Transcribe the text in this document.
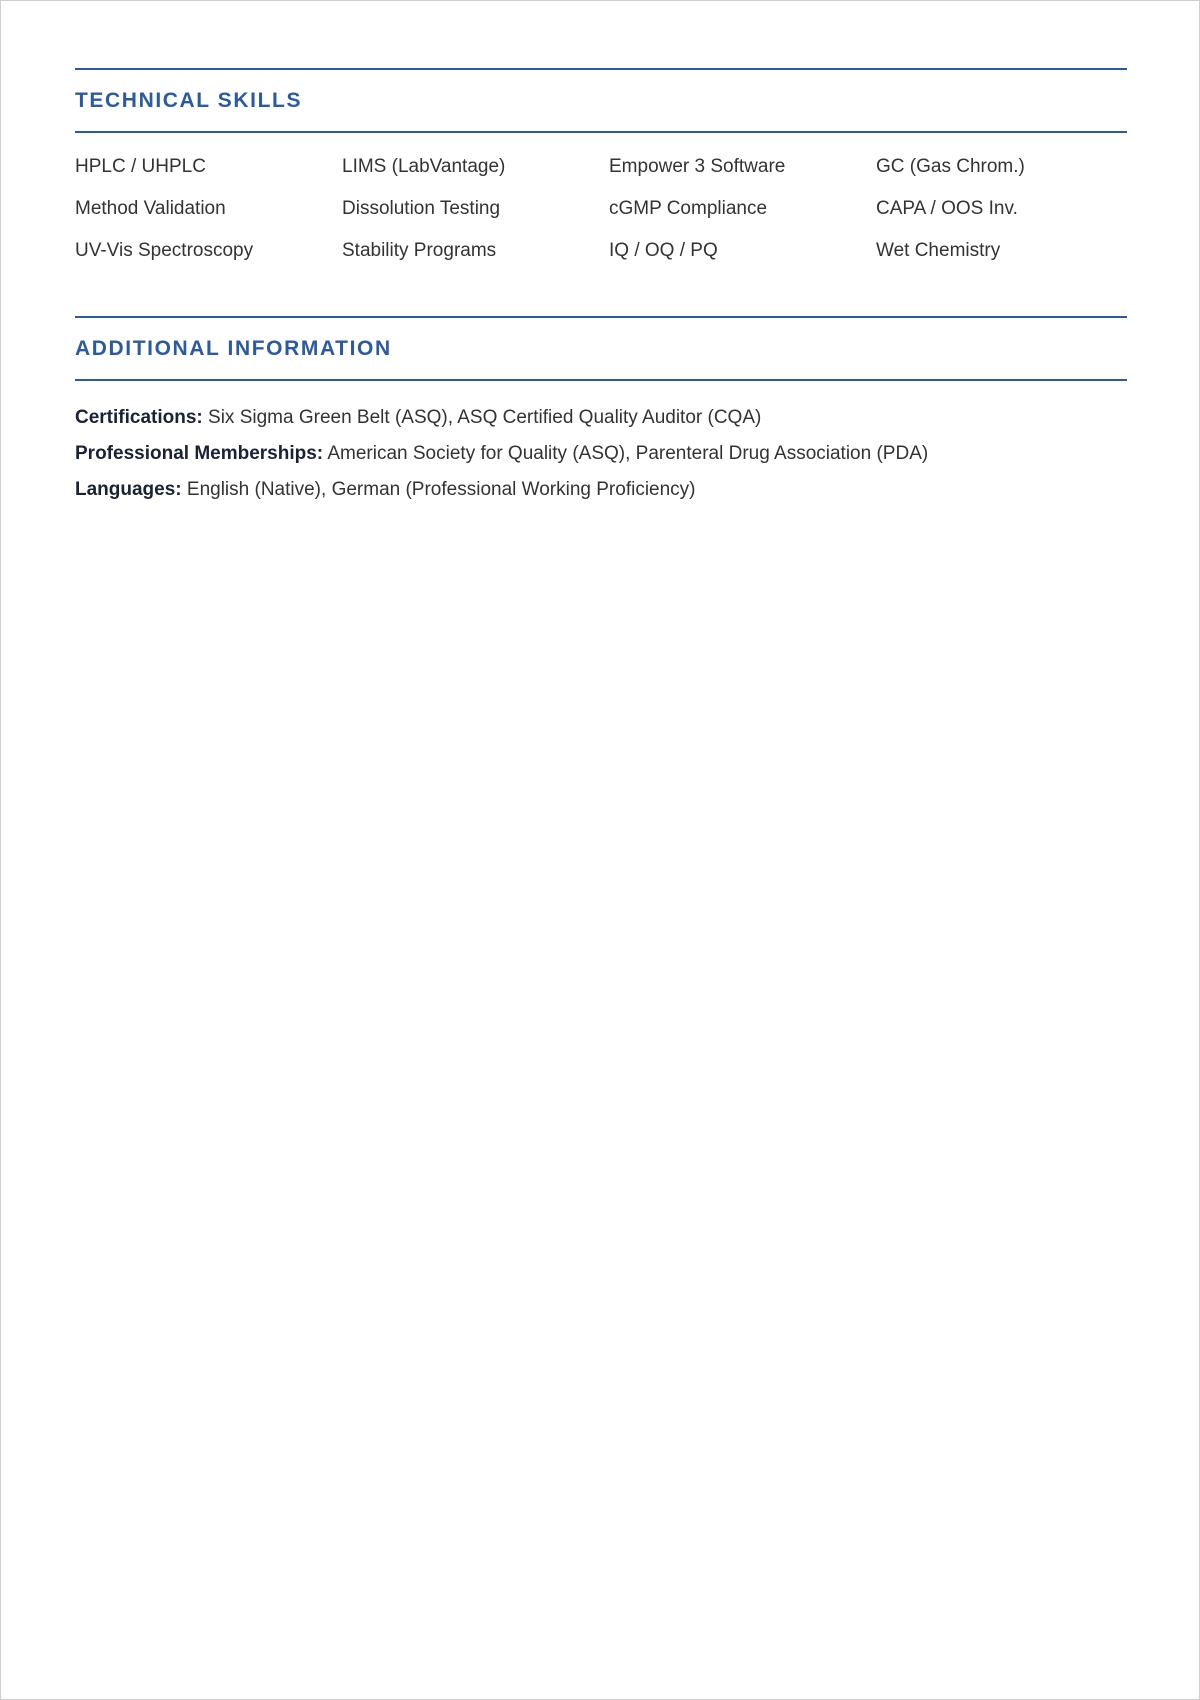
TECHNICAL SKILLS
HPLC / UHPLC	LIMS (LabVantage)	Empower 3 Software	GC (Gas Chrom.)
Method Validation	Dissolution Testing	cGMP Compliance	CAPA / OOS Inv.
UV-Vis Spectroscopy	Stability Programs	IQ / OQ / PQ	Wet Chemistry
ADDITIONAL INFORMATION
Certifications: Six Sigma Green Belt (ASQ), ASQ Certified Quality Auditor (CQA)
Professional Memberships: American Society for Quality (ASQ), Parenteral Drug Association (PDA)
Languages: English (Native), German (Professional Working Proficiency)
